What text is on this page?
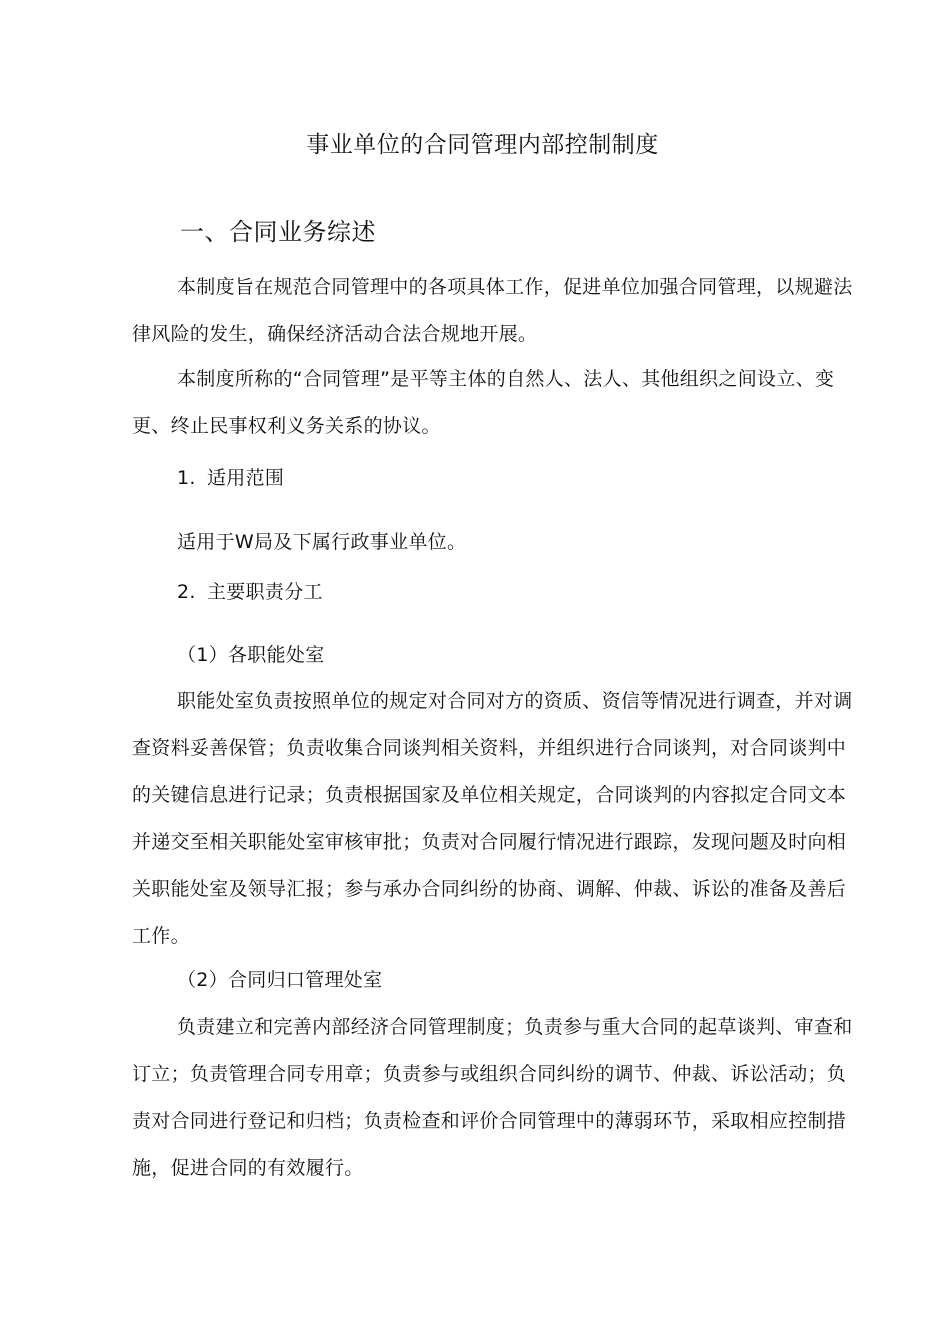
事业单位的合同管理内部控制制度
一、合同业务综述

本制度旨在规范合同管理中的各项具体工作，促进单位加强合同管理，以规避法律风险的发生，确保经济活动合法合规地开展。

本制度所称的“合同管理”是平等主体的自然人、法人、其他组织之间设立、变更、终止民事权利义务关系的协议。

1. 适用范围
适用于W局及下属行政事业单位。
2. 主要职责分工
（1）各职能处室

职能处室负责按照单位的规定对合同对方的资质、资信等情况进行调查，并对调查资料妥善保管；负责收集合同谈判相关资料，并组织进行合同谈判，对合同谈判中的关键信息进行记录；负责根据国家及单位相关规定，合同谈判的内容拟定合同文本并递交至相关职能处室审核审批；负责对合同履行情况进行跟踪，发现问题及时向相关职能处室及领导汇报；参与承办合同纠纷的协商、调解、仲裁、诉讼的准备及善后工作。

（2）合同归口管理处室

负责建立和完善内部经济合同管理制度；负责参与重大合同的起草谈判、审查和订立；负责管理合同专用章；负责参与或组织合同纠纷的调节、仲裁、诉讼活动；负责对合同进行登记和归档；负责检查和评价合同管理中的薄弱环节，采取相应控制措施，促进合同的有效履行。
